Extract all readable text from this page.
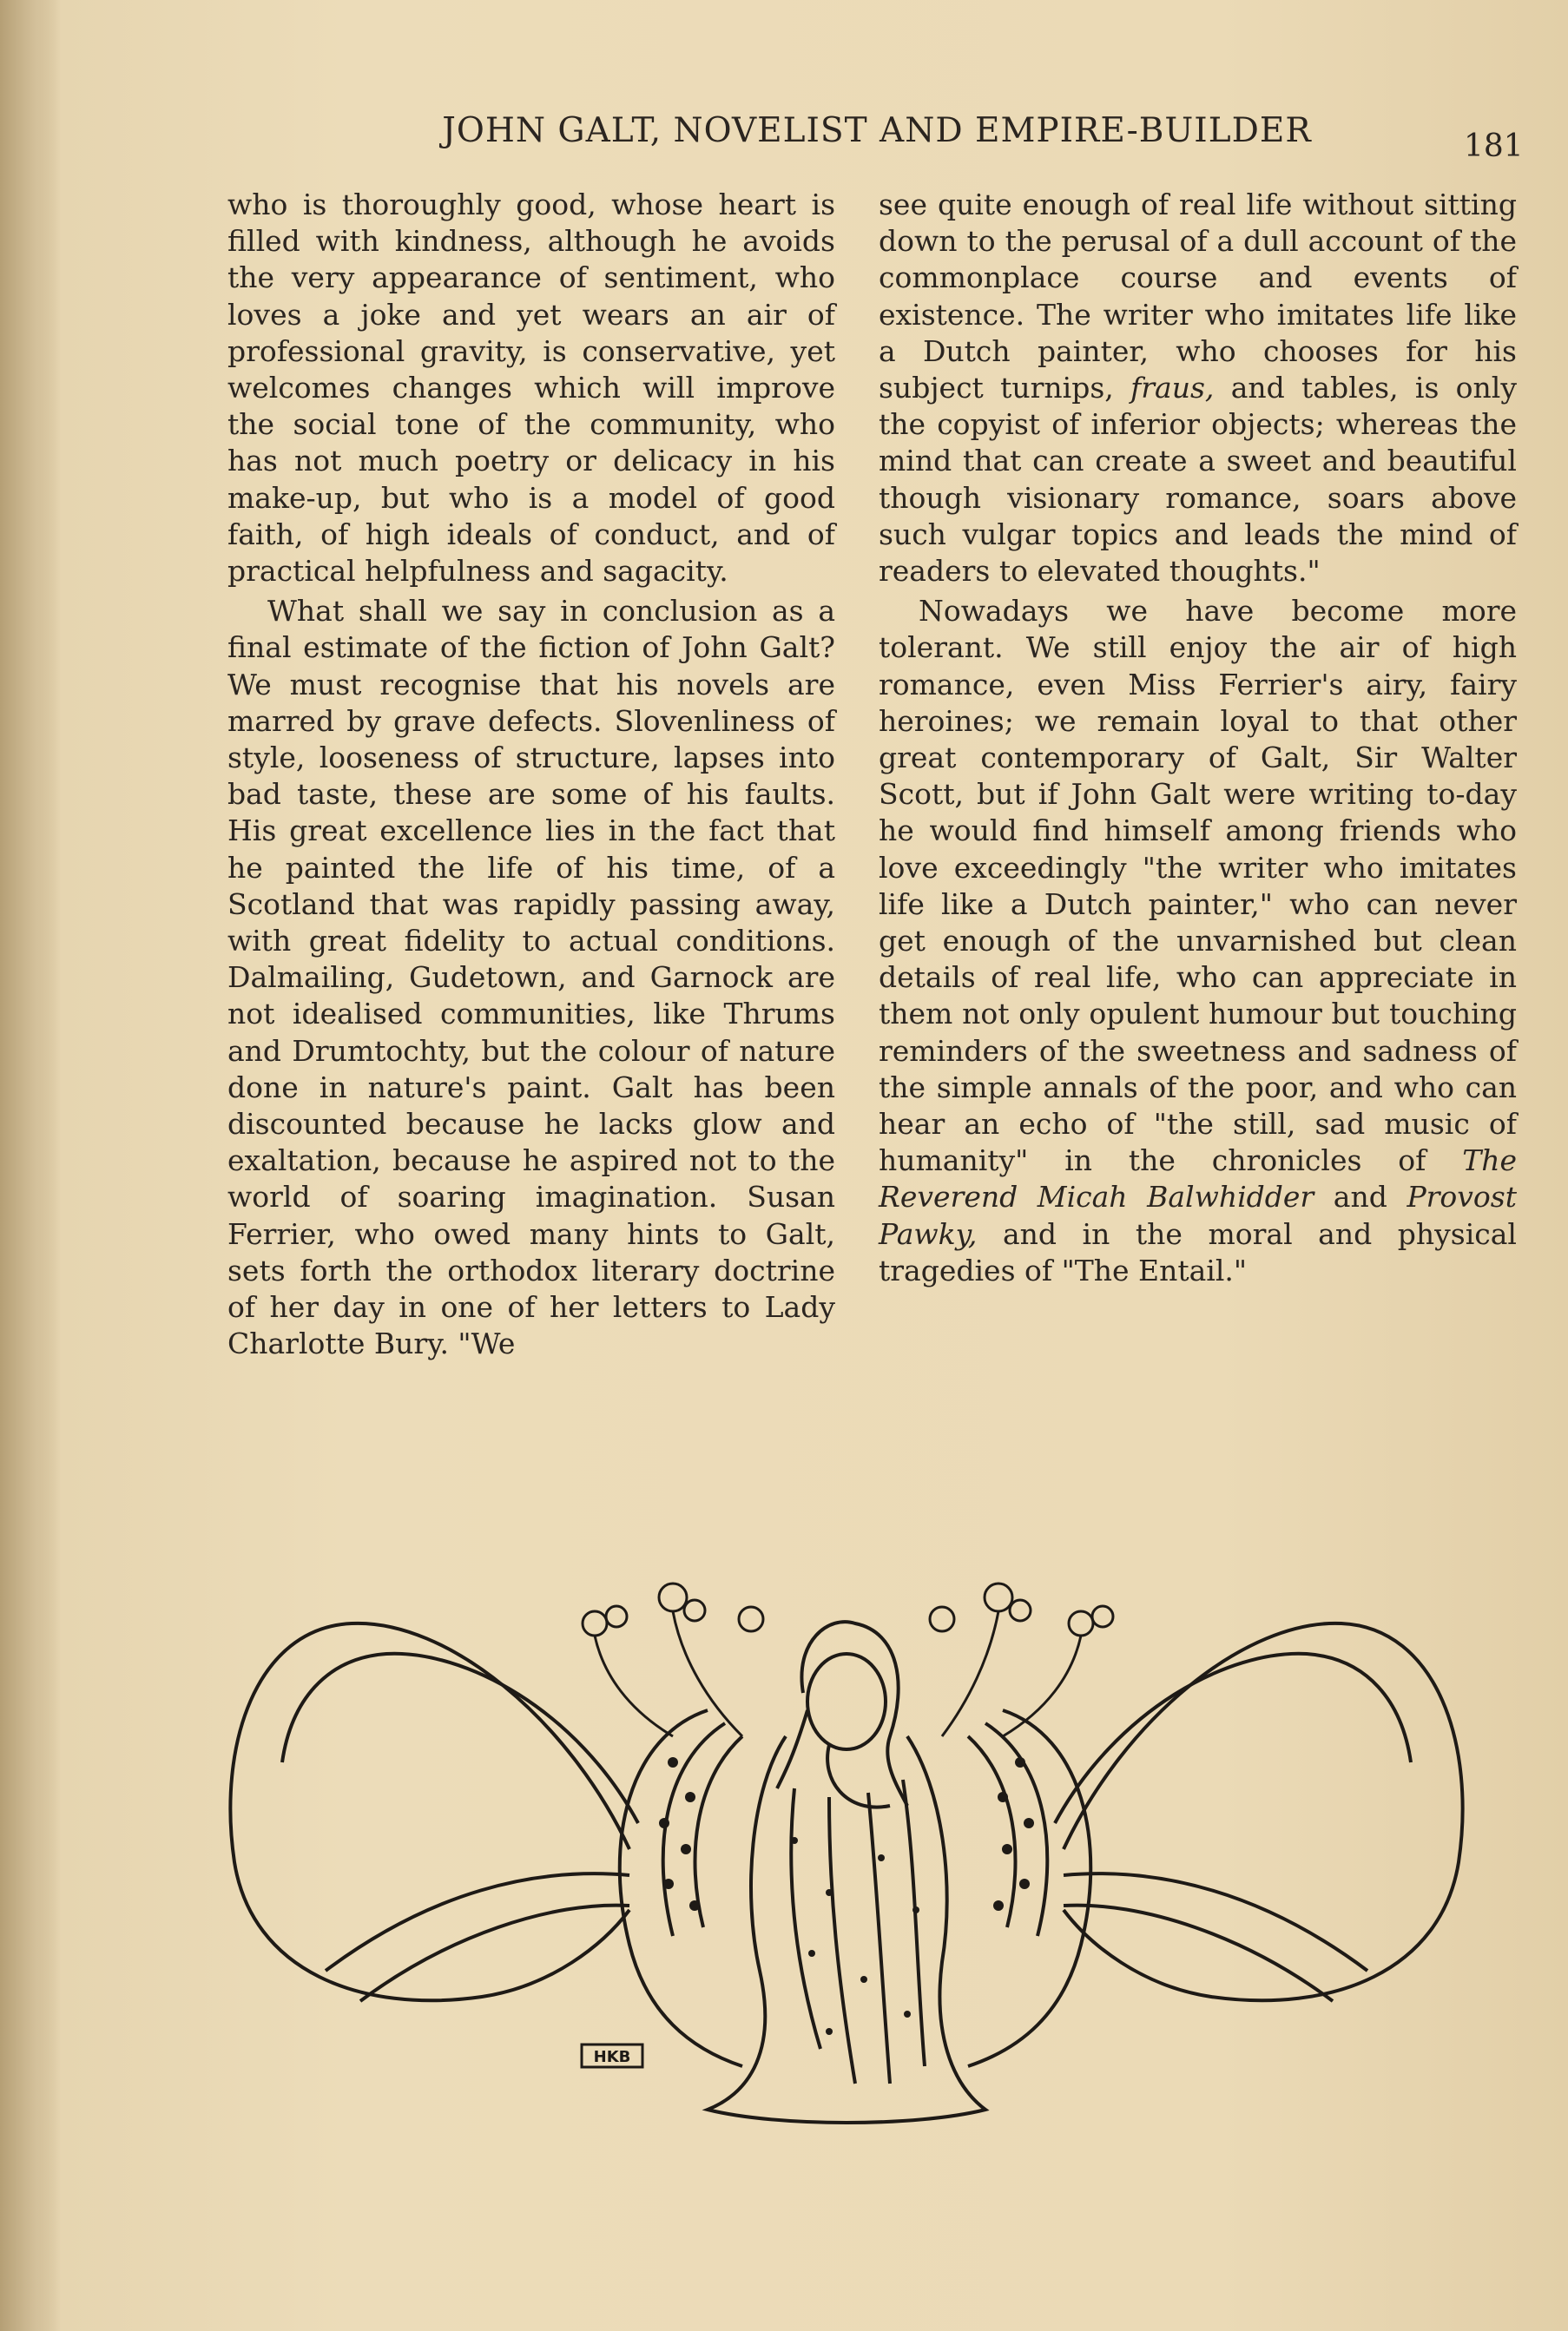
JOHN GALT, NOVELIST AND EMPIRE-BUILDER	181

who is thoroughly good, whose heart is filled with kindness, although he avoids the very appearance of sentiment, who loves a joke and yet wears an air of professional gravity, is conservative, yet welcomes changes which will improve the social tone of the community, who has not much poetry or delicacy in his make-up, but who is a model of good faith, of high ideals of conduct, and of practical helpfulness and sagacity.

What shall we say in conclusion as a final estimate of the fiction of John Galt? We must recognise that his novels are marred by grave defects. Slovenliness of style, looseness of structure, lapses into bad taste, these are some of his faults. His great excellence lies in the fact that he painted the life of his time, of a Scotland that was rapidly passing away, with great fidelity to actual conditions. Dalmailing, Gudetown, and Garnock are not idealised communities, like Thrums and Drumtochty, but the colour of nature done in nature's paint. Galt has been discounted because he lacks glow and exaltation, because he aspired not to the world of soaring imagination. Susan Ferrier, who owed many hints to Galt, sets forth the orthodox literary doctrine of her day in one of her letters to Lady Charlotte Bury. "We

see quite enough of real life without sitting down to the perusal of a dull account of the commonplace course and events of existence. The writer who imitates life like a Dutch painter, who chooses for his subject turnips, fraus, and tables, is only the copyist of inferior objects; whereas the mind that can create a sweet and beautiful though visionary romance, soars above such vulgar topics and leads the mind of readers to elevated thoughts."

Nowadays we have become more tolerant. We still enjoy the air of high romance, even Miss Ferrier's airy, fairy heroines; we remain loyal to that other great contemporary of Galt, Sir Walter Scott, but if John Galt were writing to-day he would find himself among friends who love exceedingly "the writer who imitates life like a Dutch painter," who can never get enough of the unvarnished but clean details of real life, who can appreciate in them not only opulent humour but touching reminders of the sweetness and sadness of the simple annals of the poor, and who can hear an echo of "the still, sad music of humanity" in the chronicles of The Reverend Micah Balwhidder and Provost Pawky, and in the moral and physical tragedies of "The Entail."

HKB
